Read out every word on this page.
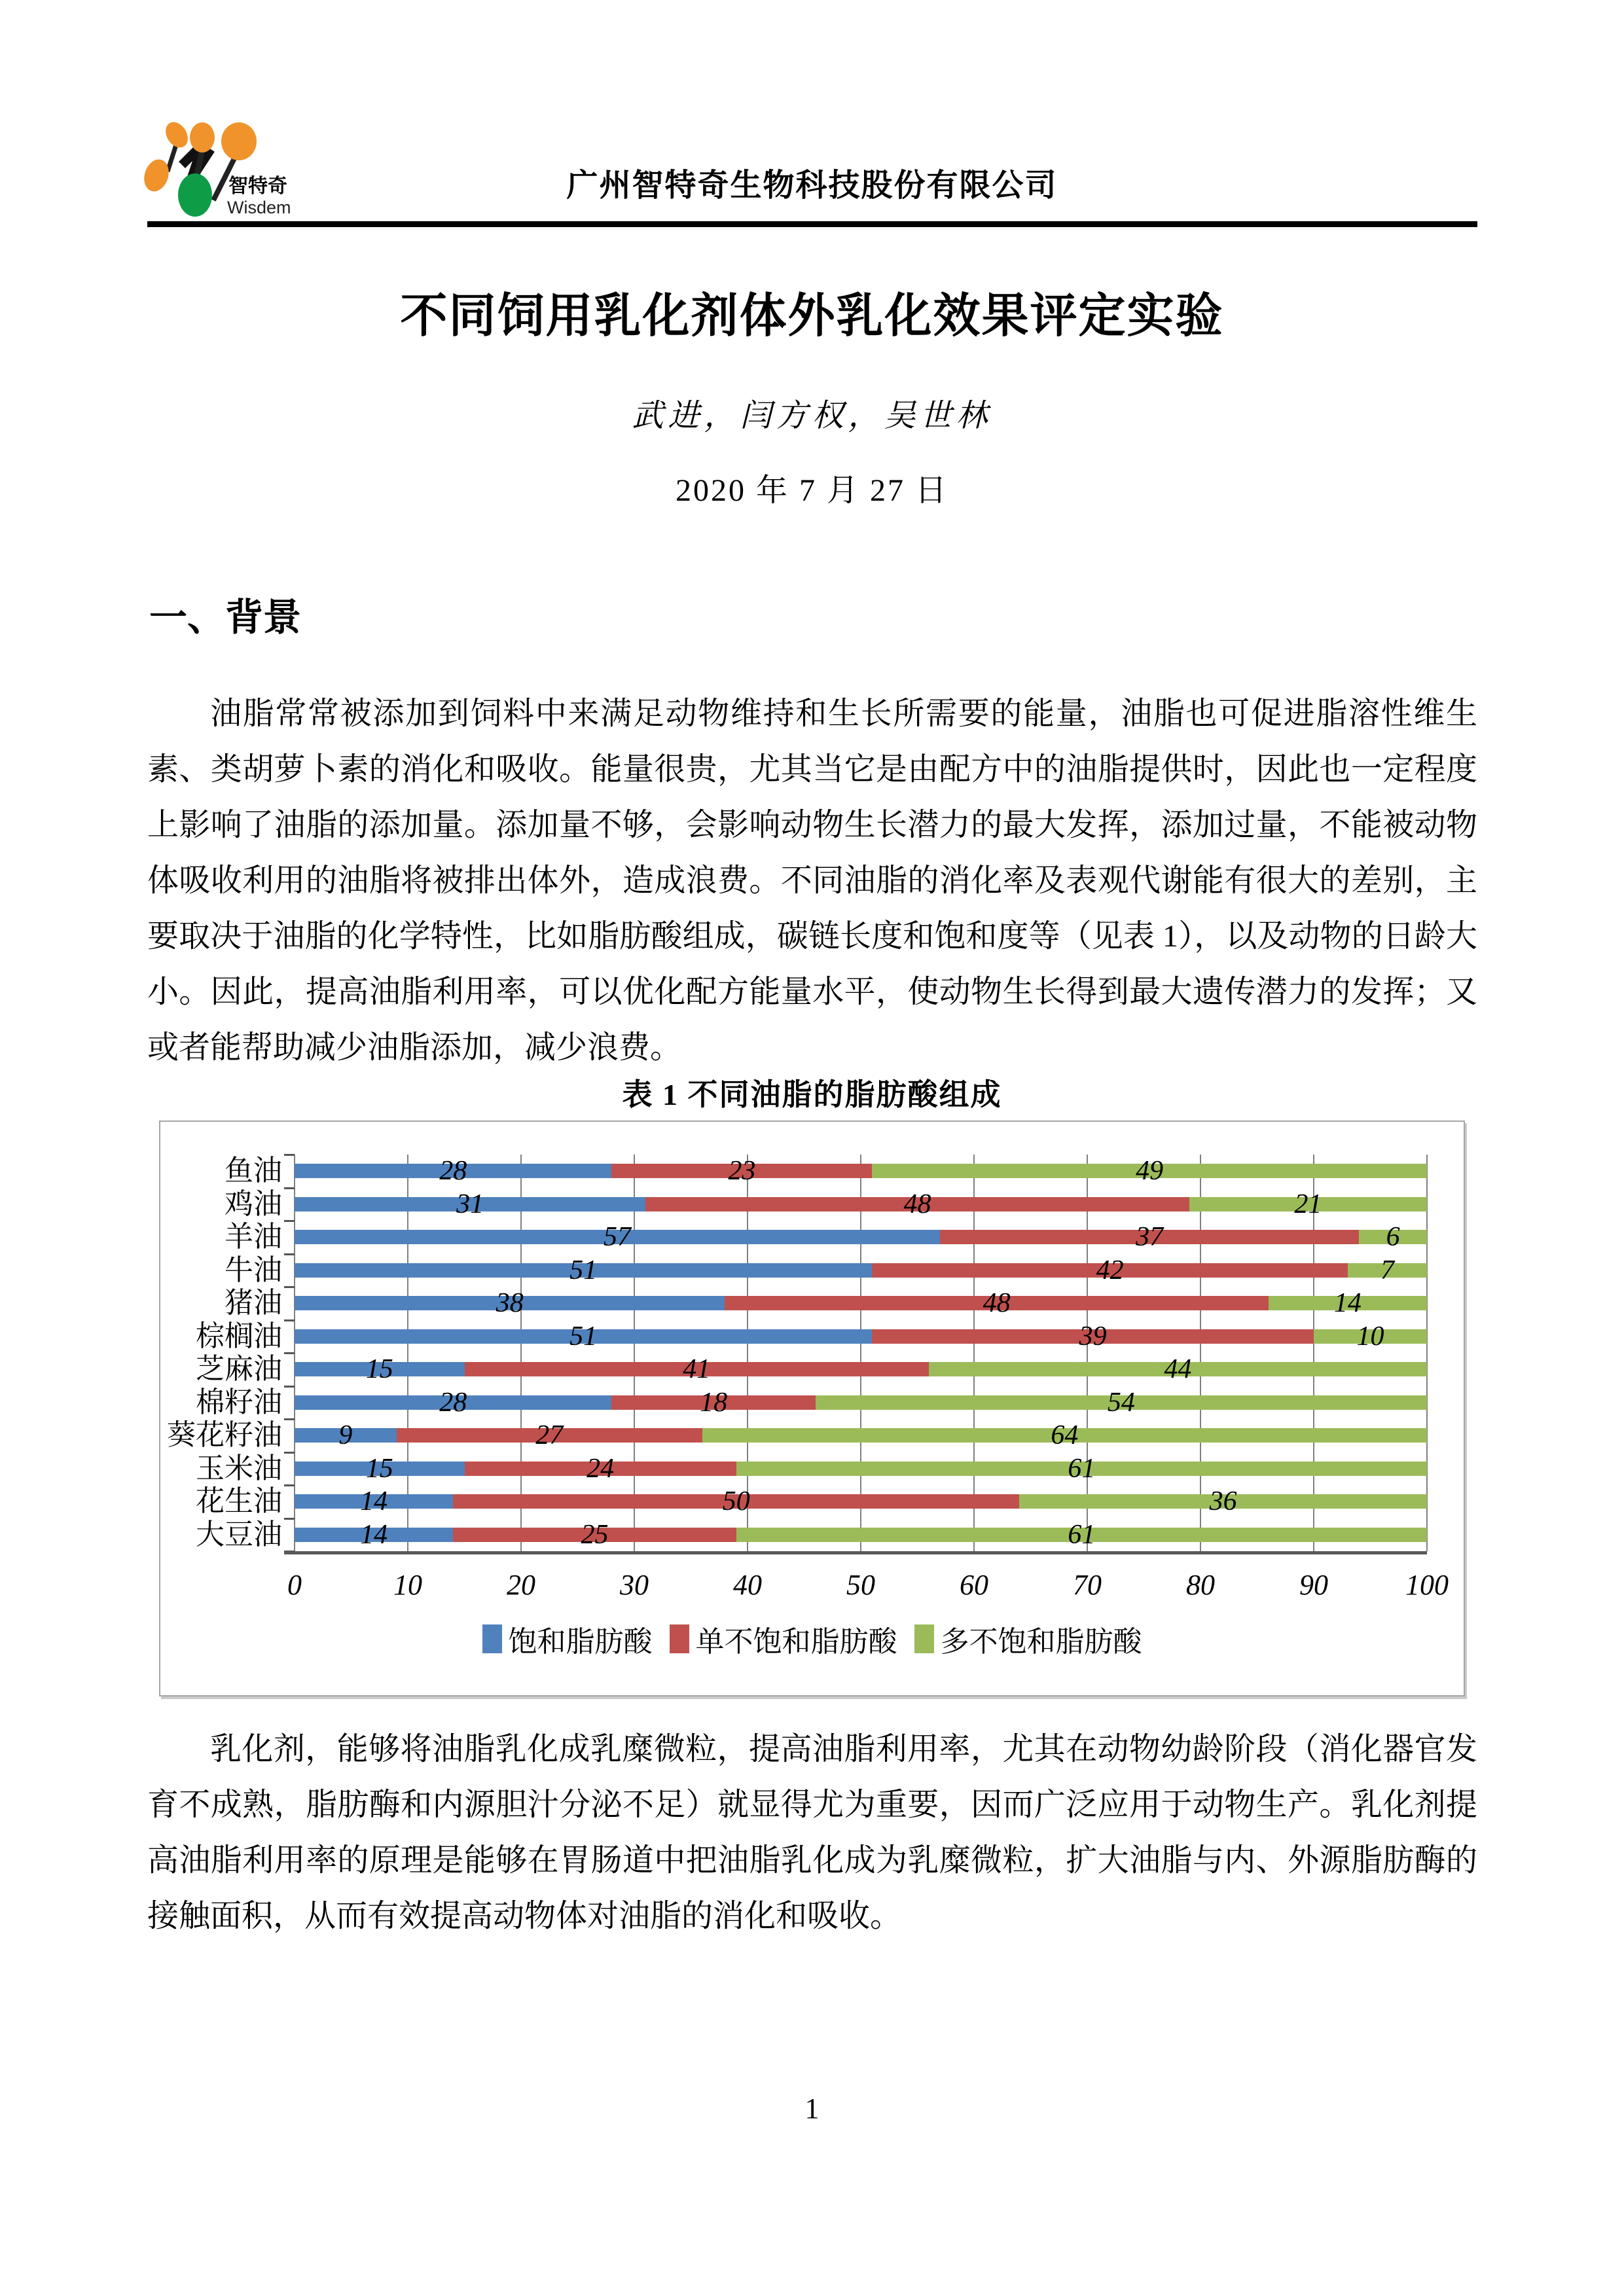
智特奇
Wisdem
广州智特奇生物科技股份有限公司
不同饲用乳化剂体外乳化效果评定实验
武进，闫方权，吴世林
2020 年 7 月 27 日
一、背景

油脂常常被添加到饲料中来满足动物维持和生长所需要的能量，油脂也可促进脂溶性维生素、类胡萝卜素的消化和吸收。能量很贵，尤其当它是由配方中的油脂提供时，因此也一定程度上影响了油脂的添加量。添加量不够，会影响动物生长潜力的最大发挥，添加过量，不能被动物体吸收利用的油脂将被排出体外，造成浪费。不同油脂的消化率及表观代谢能有很大的差别，主要取决于油脂的化学特性，比如脂肪酸组成，碳链长度和饱和度等（见表 1），以及动物的日龄大小。因此，提高油脂利用率，可以优化配方能量水平，使动物生长得到最大遗传潜力的发挥；又或者能帮助减少油脂添加，减少浪费。

表 1 不同油脂的脂肪酸组成
0	10	20	30	40	50	60	70	80	90	100
鱼油	28	23	49
鸡油	31	48	21
羊油	57	37	6
牛油	51	42	7
猪油	38	48	14
棕榈油	51	39	10
芝麻油	15	41	44
棉籽油	28	18	54
葵花籽油 9	27	64
玉米油	15	24	61
花生油	14	50	36
大豆油	14	25	61
饱和脂肪酸 单不饱和脂肪酸 多不饱和脂肪酸

乳化剂，能够将油脂乳化成乳糜微粒，提高油脂利用率，尤其在动物幼龄阶段（消化器官发育不成熟，脂肪酶和内源胆汁分泌不足）就显得尤为重要，因而广泛应用于动物生产。乳化剂提高油脂利用率的原理是能够在胃肠道中把油脂乳化成为乳糜微粒，扩大油脂与内、外源脂肪酶的接触面积，从而有效提高动物体对油脂的消化和吸收。

1
